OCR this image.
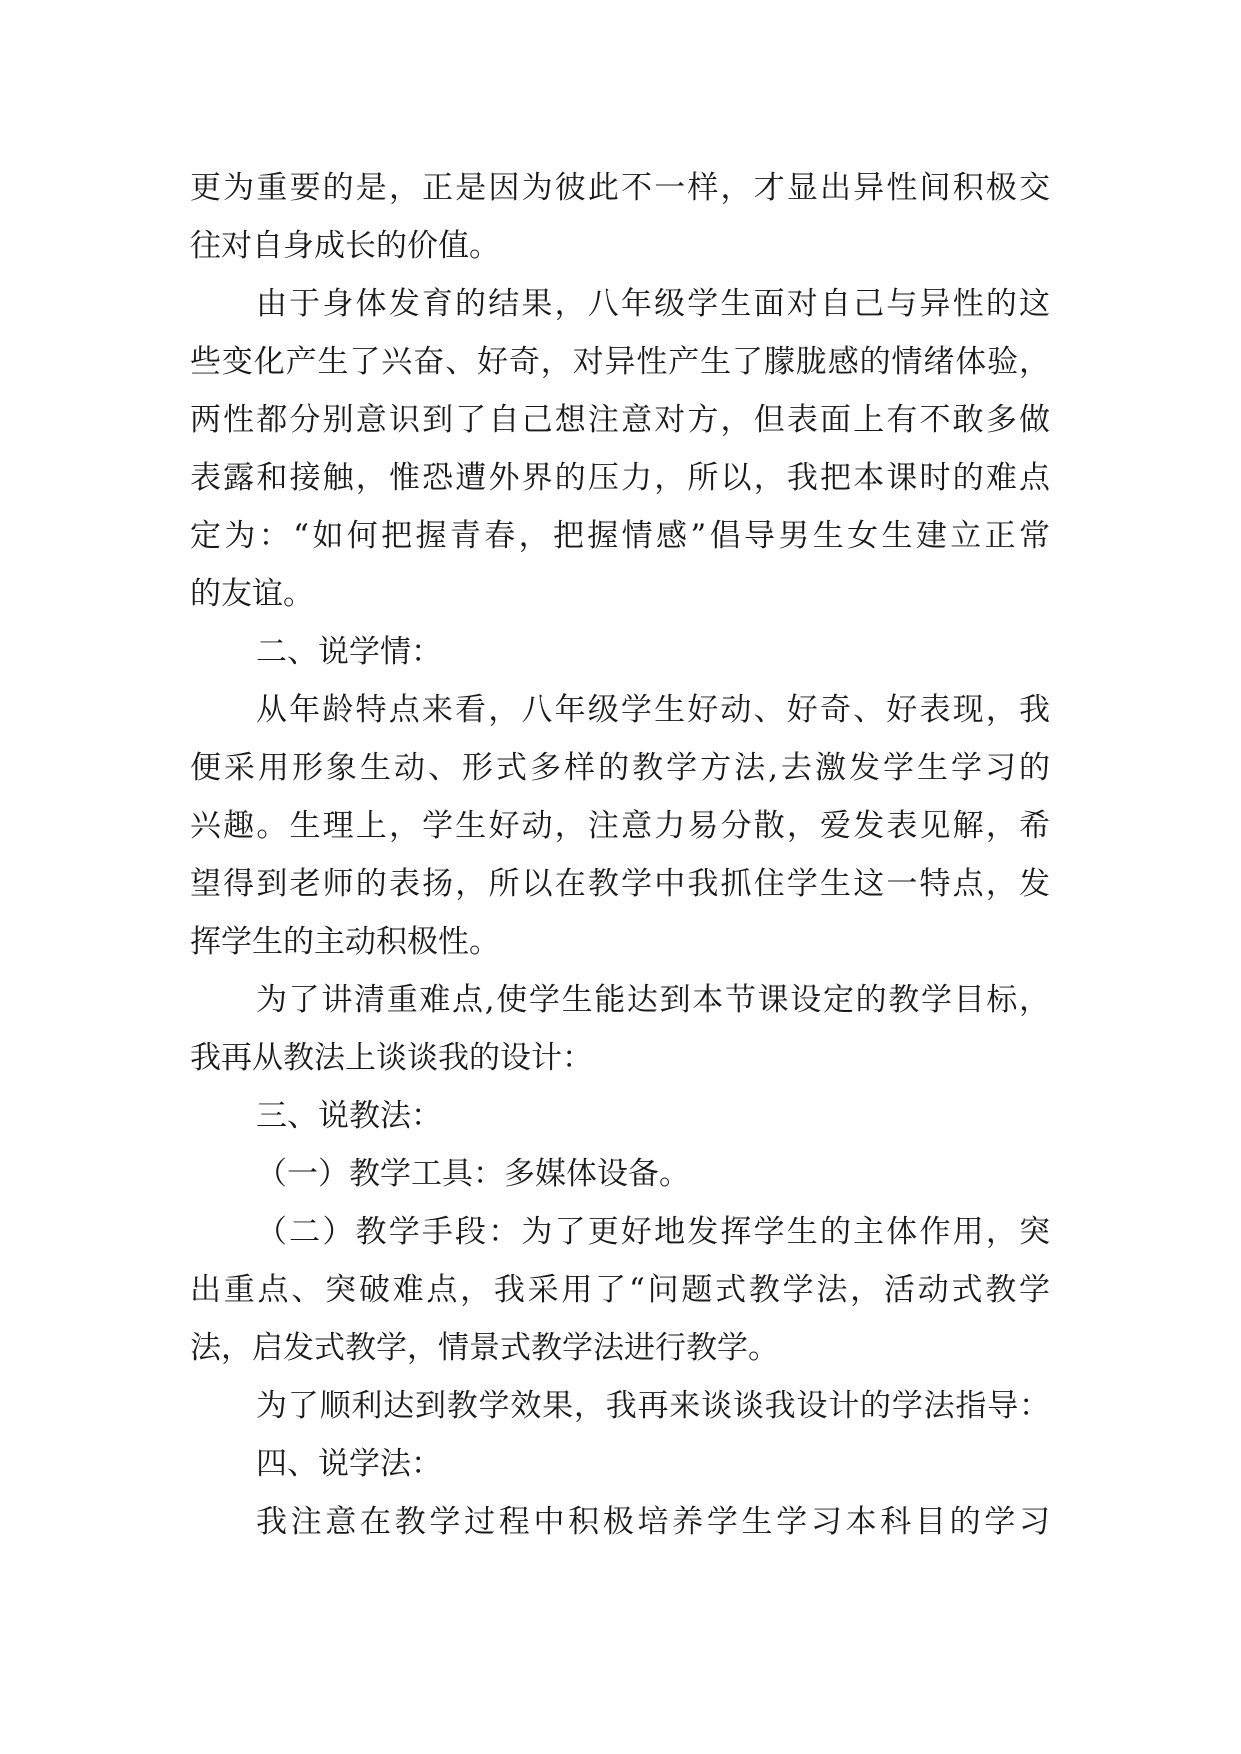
更为重要的是，正是因为彼此不一样，才显出异性间积极交
往对自身成长的价值。
由于身体发育的结果，八年级学生面对自己与异性的这
些变化产生了兴奋、好奇，对异性产生了朦胧感的情绪体验，
两性都分别意识到了自己想注意对方，但表面上有不敢多做
表露和接触，惟恐遭外界的压力，所以，我把本课时的难点
定为：“如何把握青春，把握情感”倡导男生女生建立正常
的友谊。
二、说学情：
从年龄特点来看，八年级学生好动、好奇、好表现，我
便采用形象生动、形式多样的教学方法,去激发学生学习的
兴趣。生理上，学生好动，注意力易分散，爱发表见解，希
望得到老师的表扬，所以在教学中我抓住学生这一特点，发
挥学生的主动积极性。
为了讲清重难点,使学生能达到本节课设定的教学目标，
我再从教法上谈谈我的设计：
三、说教法：
（一）教学工具：多媒体设备。
（二）教学手段：为了更好地发挥学生的主体作用，突
出重点、突破难点，我采用了“问题式教学法，活动式教学
法，启发式教学，情景式教学法进行教学。
为了顺利达到教学效果，我再来谈谈我设计的学法指导：
四、说学法：
我注意在教学过程中积极培养学生学习本科目的学习
